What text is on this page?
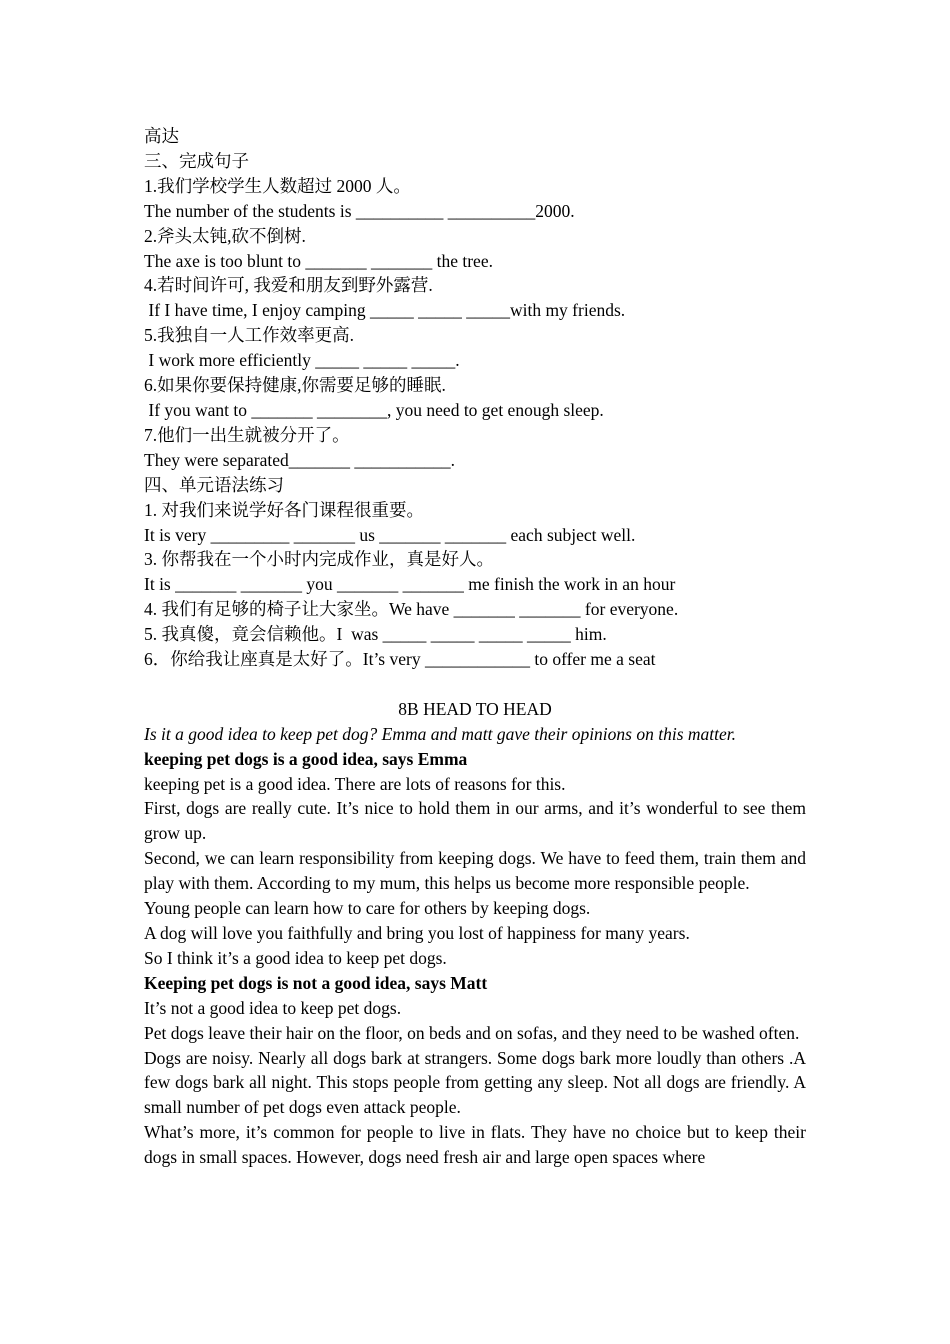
高达
三、完成句子
1.我们学校学生人数超过 2000 人。
The number of the students is __________ __________2000.
2.斧头太钝,砍不倒树.
The axe is too blunt to _______ _______ the tree.
4.若时间许可, 我爱和朋友到野外露营.
If I have time, I enjoy camping _____ _____ _____with my friends.
5.我独自一人工作效率更高.
I work more efficiently _____ _____ _____.
6.如果你要保持健康,你需要足够的睡眠.
If you want to _______ ________, you need to get enough sleep.
7.他们一出生就被分开了。
They were separated_______ ___________.
四、单元语法练习
1. 对我们来说学好各门课程很重要。
It is very _________ _______ us _______ _______ each subject well.
3. 你帮我在一个小时内完成作业，真是好人。
It is _______ _______ you _______ _______ me finish the work in an hour
4. 我们有足够的椅子让大家坐。We have _______ _______ for everyone.
5. 我真傻，竟会信赖他。I  was _____ _____ _____ _____ him.
6．你给我让座真是太好了。It’s very ____________ to offer me a seat
8B HEAD TO HEAD
Is it a good idea to keep pet dog? Emma and matt gave their opinions on this matter.
keeping pet dogs is a good idea, says Emma
keeping pet is a good idea. There are lots of reasons for this.
First, dogs are really cute. It’s nice to hold them in our arms, and it’s wonderful to see them grow up.
Second, we can learn responsibility from keeping dogs. We have to feed them, train them and play with them. According to my mum, this helps us become more responsible people.
Young people can learn how to care for others by keeping dogs.
A dog will love you faithfully and bring you lost of happiness for many years.
So I think it’s a good idea to keep pet dogs.
Keeping pet dogs is not a good idea, says Matt
It’s not a good idea to keep pet dogs.
Pet dogs leave their hair on the floor, on beds and on sofas, and they need to be washed often.
Dogs are noisy. Nearly all dogs bark at strangers. Some dogs bark more loudly than others .A few dogs bark all night. This stops people from getting any sleep. Not all dogs are friendly. A small number of pet dogs even attack people.
What’s more, it’s common for people to live in flats. They have no choice but to keep their dogs in small spaces. However, dogs need fresh air and large open spaces where
